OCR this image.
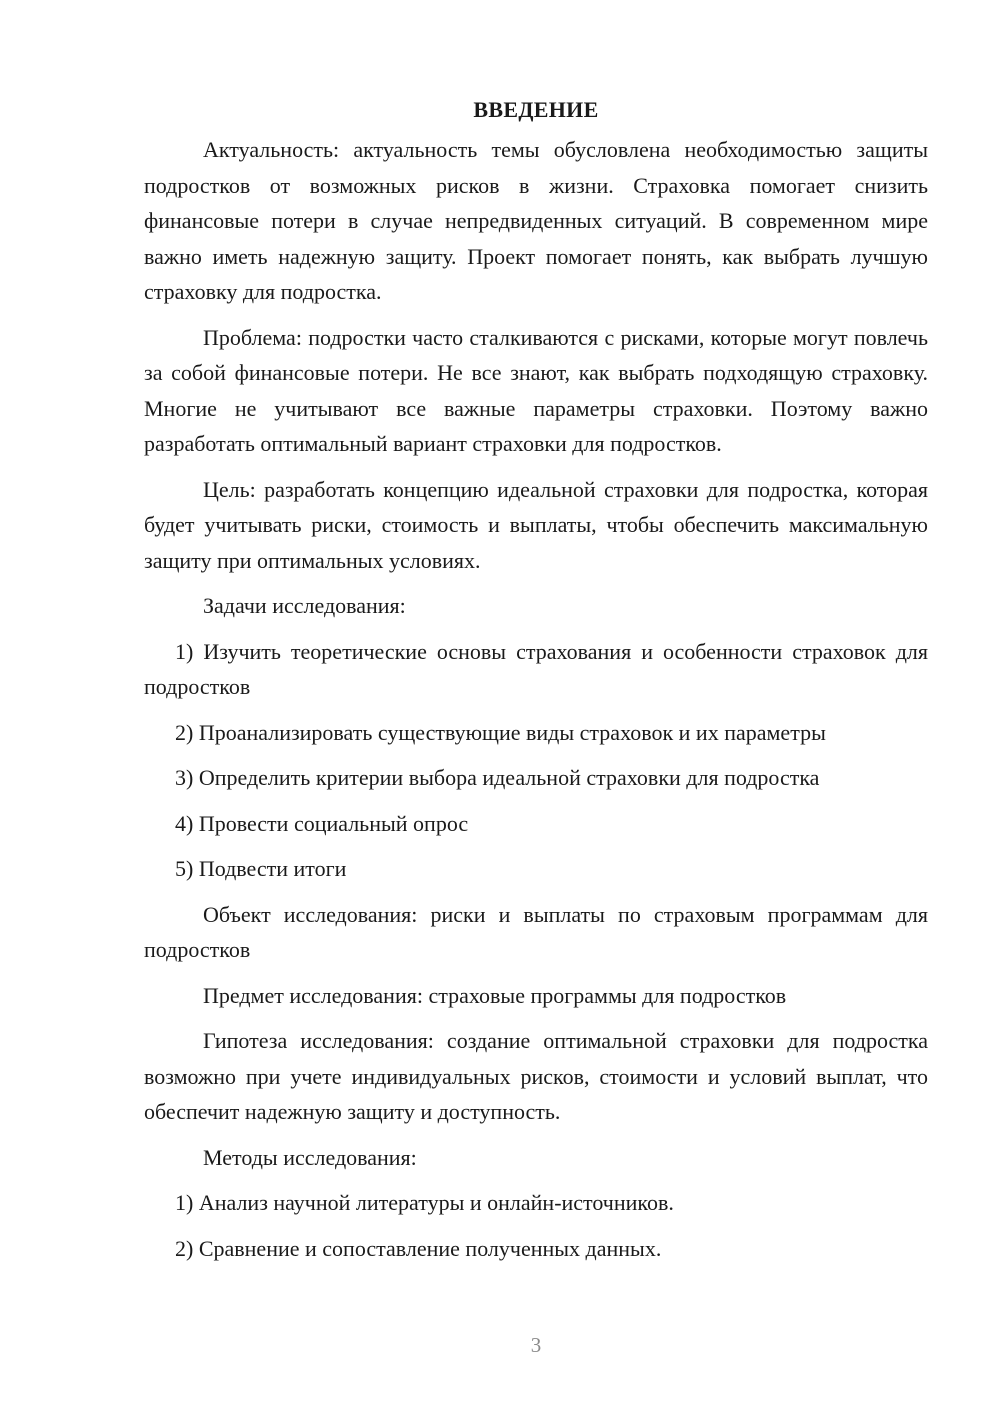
ВВЕДЕНИЕ

Актуальность: актуальность темы обусловлена необходимостью защиты подростков от возможных рисков в жизни. Страховка помогает снизить финансовые потери в случае непредвиденных ситуаций. В современном мире важно иметь надежную защиту. Проект помогает понять, как выбрать лучшую страховку для подростка.

Проблема: подростки часто сталкиваются с рисками, которые могут повлечь за собой финансовые потери. Не все знают, как выбрать подходящую страховку. Многие не учитывают все важные параметры страховки. Поэтому важно разработать оптимальный вариант страховки для подростков.

Цель: разработать концепцию идеальной страховки для подростка, которая будет учитывать риски, стоимость и выплаты, чтобы обеспечить максимальную защиту при оптимальных условиях.

Задачи исследования:

1) Изучить теоретические основы страхования и особенности страховок для подростков

2) Проанализировать существующие виды страховок и их параметры

3) Определить критерии выбора идеальной страховки для подростка

4) Провести социальный опрос

5) Подвести итоги

Объект исследования: риски и выплаты по страховым программам для подростков

Предмет исследования: страховые программы для подростков

Гипотеза исследования: создание оптимальной страховки для подростка возможно при учете индивидуальных рисков, стоимости и условий выплат, что обеспечит надежную защиту и доступность.

Методы исследования:

1) Анализ научной литературы и онлайн-источников.

2) Сравнение и сопоставление полученных данных.

3
